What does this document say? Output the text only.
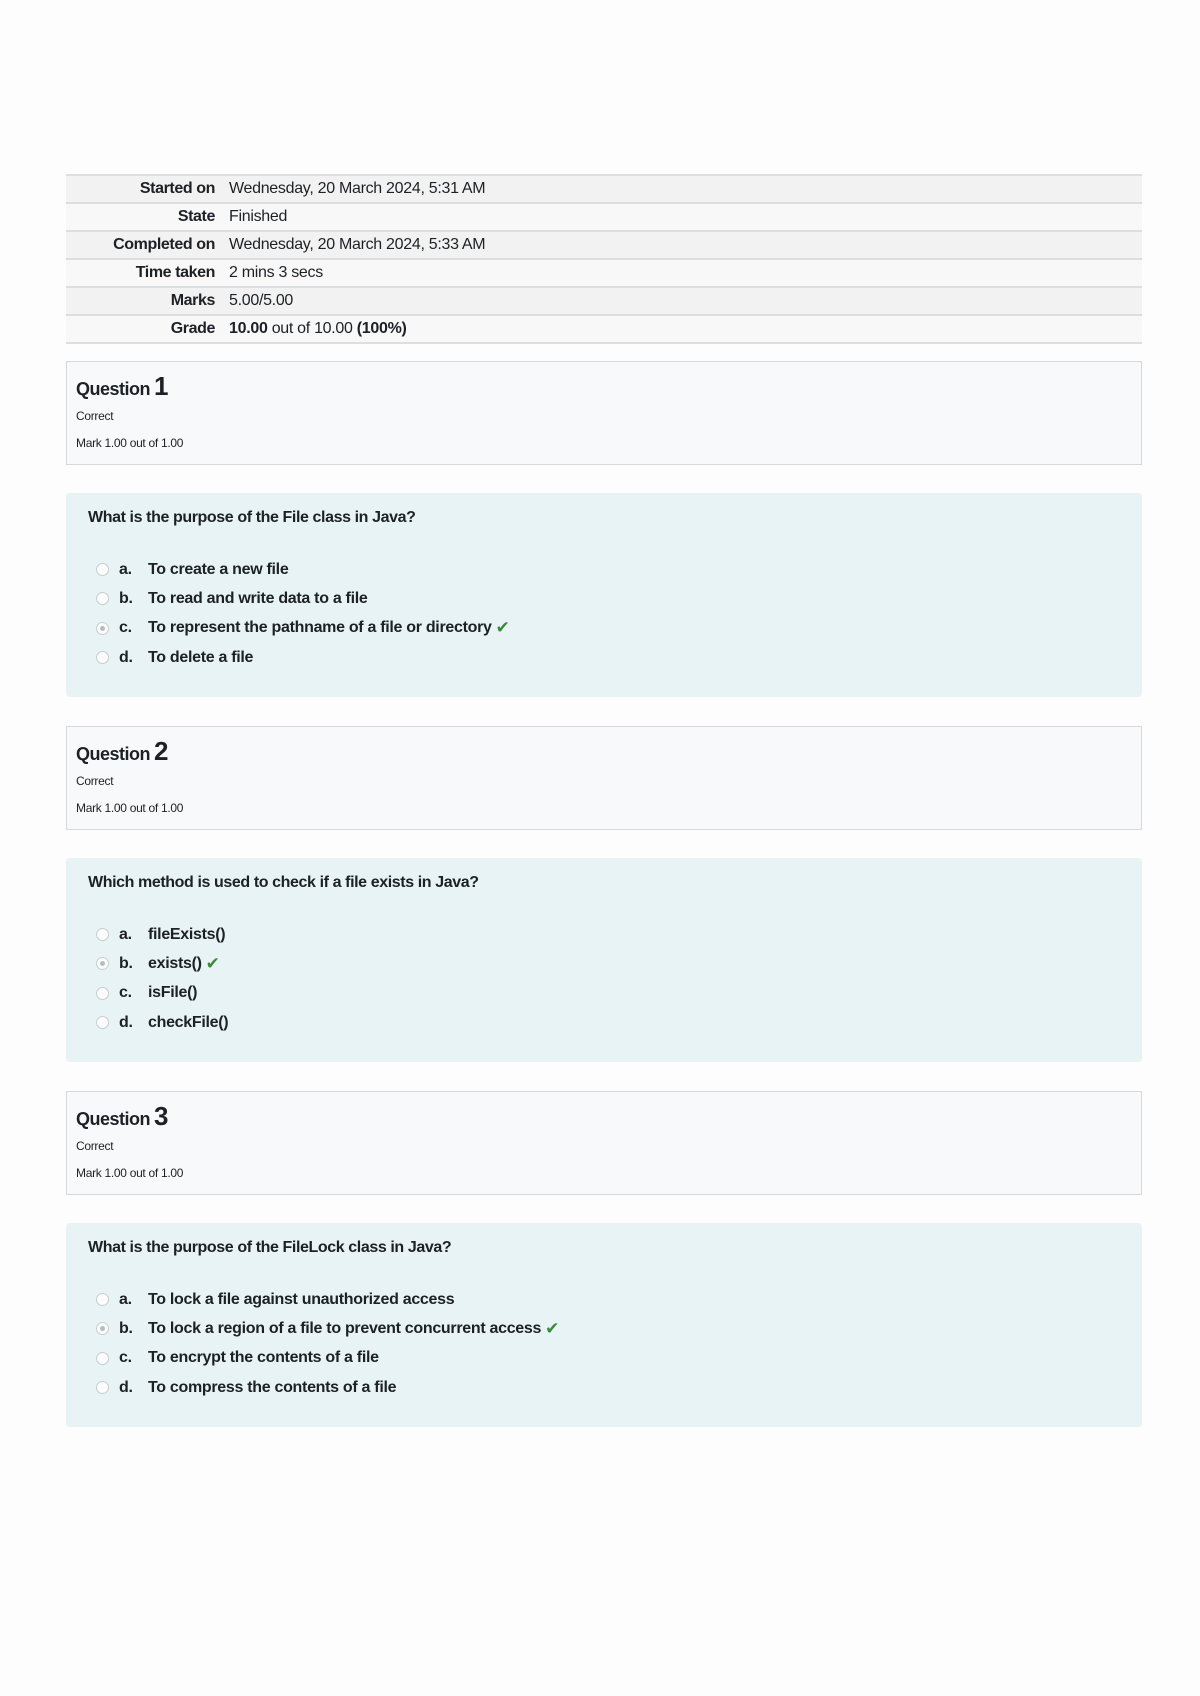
Started on	Wednesday, 20 March 2024, 5:31 AM
State	Finished
Completed on	Wednesday, 20 March 2024, 5:33 AM
Time taken	2 mins 3 secs
Marks	5.00/5.00
Grade	10.00 out of 10.00 (100%)
Question 1
Correct
Mark 1.00 out of 1.00
What is the purpose of the File class in Java?
a.	To create a new file
b. To read and write data to a file
c.	To represent the pathname of a file or directory ✔
d. To delete a file
Question 2
Correct
Mark 1.00 out of 1.00
Which method is used to check if a file exists in Java?
a.	fileExists()
b. exists() ✔
c.	isFile()
d. checkFile()
Question 3
Correct
Mark 1.00 out of 1.00
What is the purpose of the FileLock class in Java?
a.	To lock a file against unauthorized access
b. To lock a region of a file to prevent concurrent access ✔
c.	To encrypt the contents of a file
d. To compress the contents of a file
